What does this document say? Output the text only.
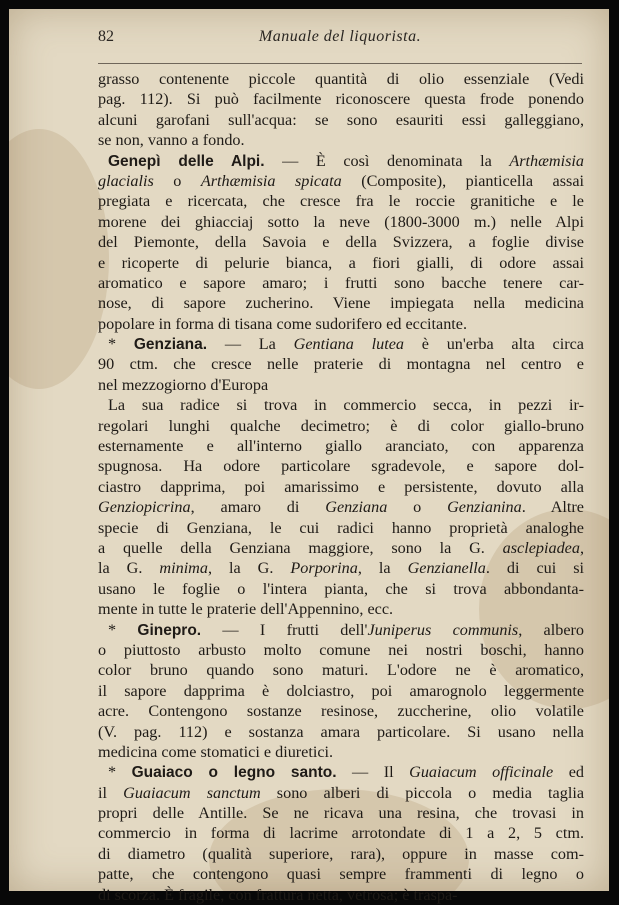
82	Manuale del liquorista.
grasso contenente piccole quantità di olio essenziale (Vedi
pag. 112). Si può facilmente riconoscere questa frode ponendo
alcuni garofani sull'acqua: se sono esauriti essi galleggiano,
se non, vanno a fondo.
Genepì delle Alpi. — È così denominata la Arthæmisia
glacialis o Arthæmisia spicata (Composite), pianticella assai
pregiata e ricercata, che cresce fra le roccie granitiche e le
morene dei ghiacciaj sotto la neve (1800-3000 m.) nelle Alpi
del Piemonte, della Savoia e della Svizzera, a foglie divise
e ricoperte di pelurie bianca, a fiori gialli, di odore assai
aromatico e sapore amaro; i frutti sono bacche tenere car-
nose, di sapore zucherino. Viene impiegata nella medicina
popolare in forma di tisana come sudorifero ed eccitante.
* Genziana. — La Gentiana lutea è un'erba alta circa
90 ctm. che cresce nelle praterie di montagna nel centro e
nel mezzogiorno d'Europa
La sua radice si trova in commercio secca, in pezzi ir-
regolari lunghi qualche decimetro; è di color giallo-bruno
esternamente e all'interno giallo aranciato, con apparenza
spugnosa. Ha odore particolare sgradevole, e sapore dol-
ciastro dapprima, poi amarissimo e persistente, dovuto alla
Genziopicrina, amaro di Genziana o Genzianina. Altre
specie di Genziana, le cui radici hanno proprietà analoghe
a quelle della Genziana maggiore, sono la G. asclepiadea,
la G. minima, la G. Porporina, la Genzianella. di cui si
usano le foglie o l'intera pianta, che si trova abbondanta-
mente in tutte le praterie dell'Appennino, ecc.
* Ginepro. — I frutti dell'Juniperus communis, albero
o piuttosto arbusto molto comune nei nostri boschi, hanno
color bruno quando sono maturi. L'odore ne è aromatico,
il sapore dapprima è dolciastro, poi amarognolo leggermente
acre. Contengono sostanze resinose, zuccherine, olio volatile
(V. pag. 112) e sostanza amara particolare. Si usano nella
medicina come stomatici e diuretici.
* Guaiaco o legno santo. — Il Guaiacum officinale ed
il Guaiacum sanctum sono alberi di piccola o media taglia
propri delle Antille. Se ne ricava una resina, che trovasi in
commercio in forma di lacrime arrotondate di 1 a 2, 5 ctm.
di diametro (qualità superiore, rara), oppure in masse com-
patte, che contengono quasi sempre frammenti di legno o
di scorza. È fragile, con frattura netta, vetrosa; è traspa-
